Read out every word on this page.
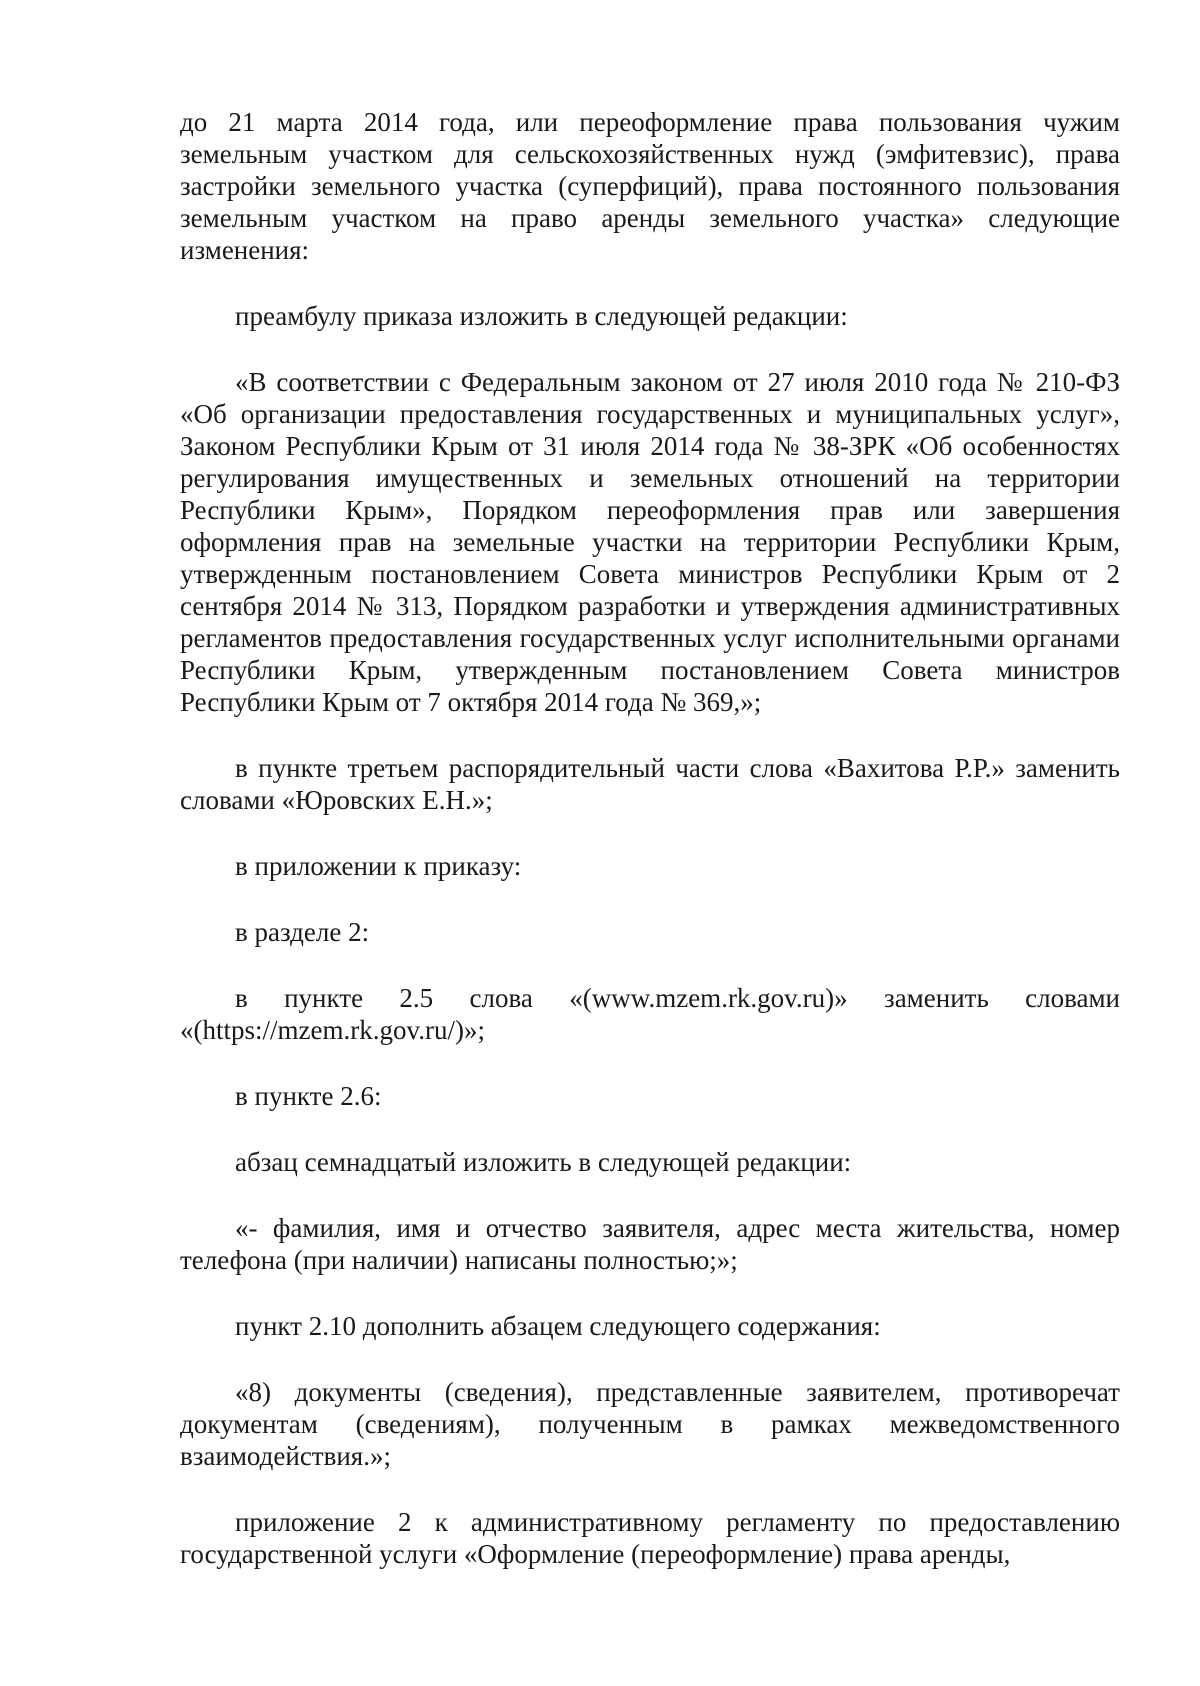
до 21 марта 2014 года, или переоформление права пользования чужим земельным участком для сельскохозяйственных нужд (эмфитевзис), права застройки земельного участка (суперфиций), права постоянного пользования земельным участком на право аренды земельного участка» следующие изменения:

преамбулу приказа изложить в следующей редакции:

«В соответствии с Федеральным законом от 27 июля 2010 года № 210-ФЗ «Об организации предоставления государственных и муниципальных услуг», Законом Республики Крым от 31 июля 2014 года № 38-ЗРК «Об особенностях регулирования имущественных и земельных отношений на территории Республики Крым», Порядком переоформления прав или завершения оформления прав на земельные участки на территории Республики Крым, утвержденным постановлением Совета министров Республики Крым от 2 сентября 2014 № 313, Порядком разработки и утверждения административных регламентов предоставления государственных услуг исполнительными органами Республики Крым, утвержденным постановлением Совета министров Республики Крым от 7 октября 2014 года № 369,»;

в пункте третьем распорядительный части слова «Вахитова Р.Р.» заменить словами «Юровских Е.Н.»;

в приложении к приказу:

в разделе 2:

в пункте 2.5 слова «(www.mzem.rk.gov.ru)» заменить словами «(https://mzem.rk.gov.ru/)»;

в пункте 2.6:

абзац семнадцатый изложить в следующей редакции:

«- фамилия, имя и отчество заявителя, адрес места жительства, номер телефона (при наличии) написаны полностью;»;

пункт 2.10 дополнить абзацем следующего содержания:

«8) документы (сведения), представленные заявителем, противоречат документам (сведениям), полученным в рамках межведомственного взаимодействия.»;

приложение 2 к административному регламенту по предоставлению государственной услуги «Оформление (переоформление) права аренды,
